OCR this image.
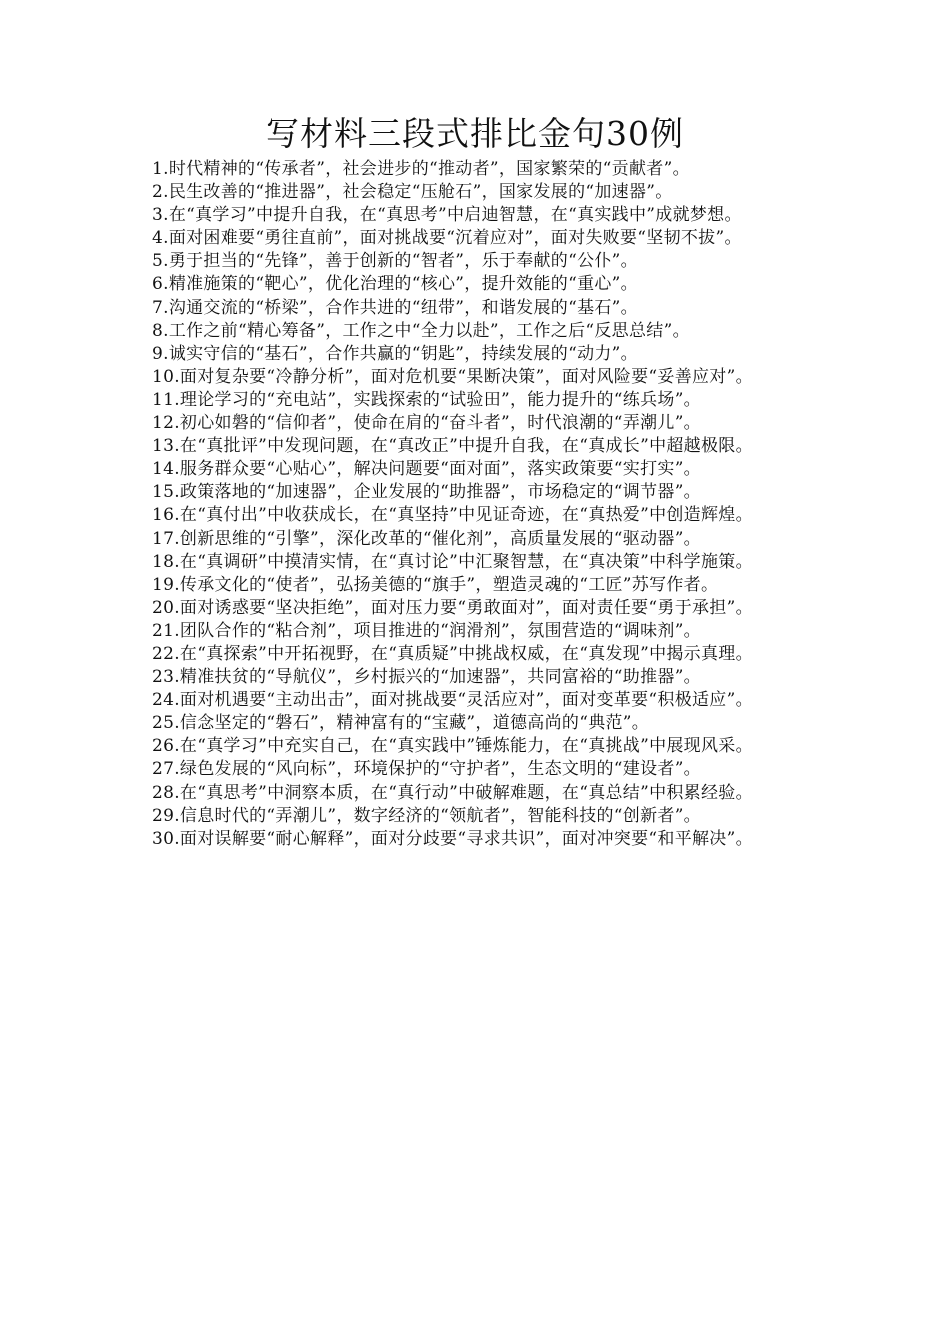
写材料三段式排比金句30例

1.时代精神的“传承者”，社会进步的“推动者”，国家繁荣的“贡献者”。

2.民生改善的“推进器”，社会稳定“压舱石”，国家发展的“加速器”。

3.在“真学习”中提升自我，在“真思考”中启迪智慧，在“真实践中”成就梦想。

4.面对困难要“勇往直前”，面对挑战要“沉着应对”，面对失败要“坚韧不拔”。

5.勇于担当的“先锋”，善于创新的“智者”，乐于奉献的“公仆”。

6.精准施策的“靶心”，优化治理的“核心”，提升效能的“重心”。

7.沟通交流的“桥梁”，合作共进的“纽带”，和谐发展的“基石”。

8.工作之前“精心筹备”，工作之中“全力以赴”，工作之后“反思总结”。

9.诚实守信的“基石”，合作共赢的“钥匙”，持续发展的“动力”。

10.面对复杂要“冷静分析”，面对危机要“果断决策”，面对风险要“妥善应对”。

11.理论学习的“充电站”，实践探索的“试验田”，能力提升的“练兵场”。

12.初心如磐的“信仰者”，使命在肩的“奋斗者”，时代浪潮的“弄潮儿”。

13.在“真批评”中发现问题，在“真改正”中提升自我，在“真成长”中超越极限。

14.服务群众要“心贴心”，解决问题要“面对面”，落实政策要“实打实”。

15.政策落地的“加速器”，企业发展的“助推器”，市场稳定的“调节器”。

16.在“真付出”中收获成长，在“真坚持”中见证奇迹，在“真热爱”中创造辉煌。

17.创新思维的“引擎”，深化改革的“催化剂”，高质量发展的“驱动器”。

18.在“真调研”中摸清实情，在“真讨论”中汇聚智慧，在“真决策”中科学施策。

19.传承文化的“使者”，弘扬美德的“旗手”，塑造灵魂的“工匠”苏写作者。

20.面对诱惑要“坚决拒绝”，面对压力要“勇敢面对”，面对责任要“勇于承担”。

21.团队合作的“粘合剂”，项目推进的“润滑剂”，氛围营造的“调味剂”。

22.在“真探索”中开拓视野，在“真质疑”中挑战权威，在“真发现”中揭示真理。

23.精准扶贫的“导航仪”，乡村振兴的“加速器”，共同富裕的“助推器”。

24.面对机遇要“主动出击”，面对挑战要“灵活应对”，面对变革要“积极适应”。

25.信念坚定的“磐石”，精神富有的“宝藏”，道德高尚的“典范”。

26.在“真学习”中充实自己，在“真实践中”锤炼能力，在“真挑战”中展现风采。

27.绿色发展的“风向标”，环境保护的“守护者”，生态文明的“建设者”。

28.在“真思考”中洞察本质，在“真行动”中破解难题，在“真总结”中积累经验。

29.信息时代的“弄潮儿”，数字经济的“领航者”，智能科技的“创新者”。

30.面对误解要“耐心解释”，面对分歧要“寻求共识”，面对冲突要“和平解决”。
